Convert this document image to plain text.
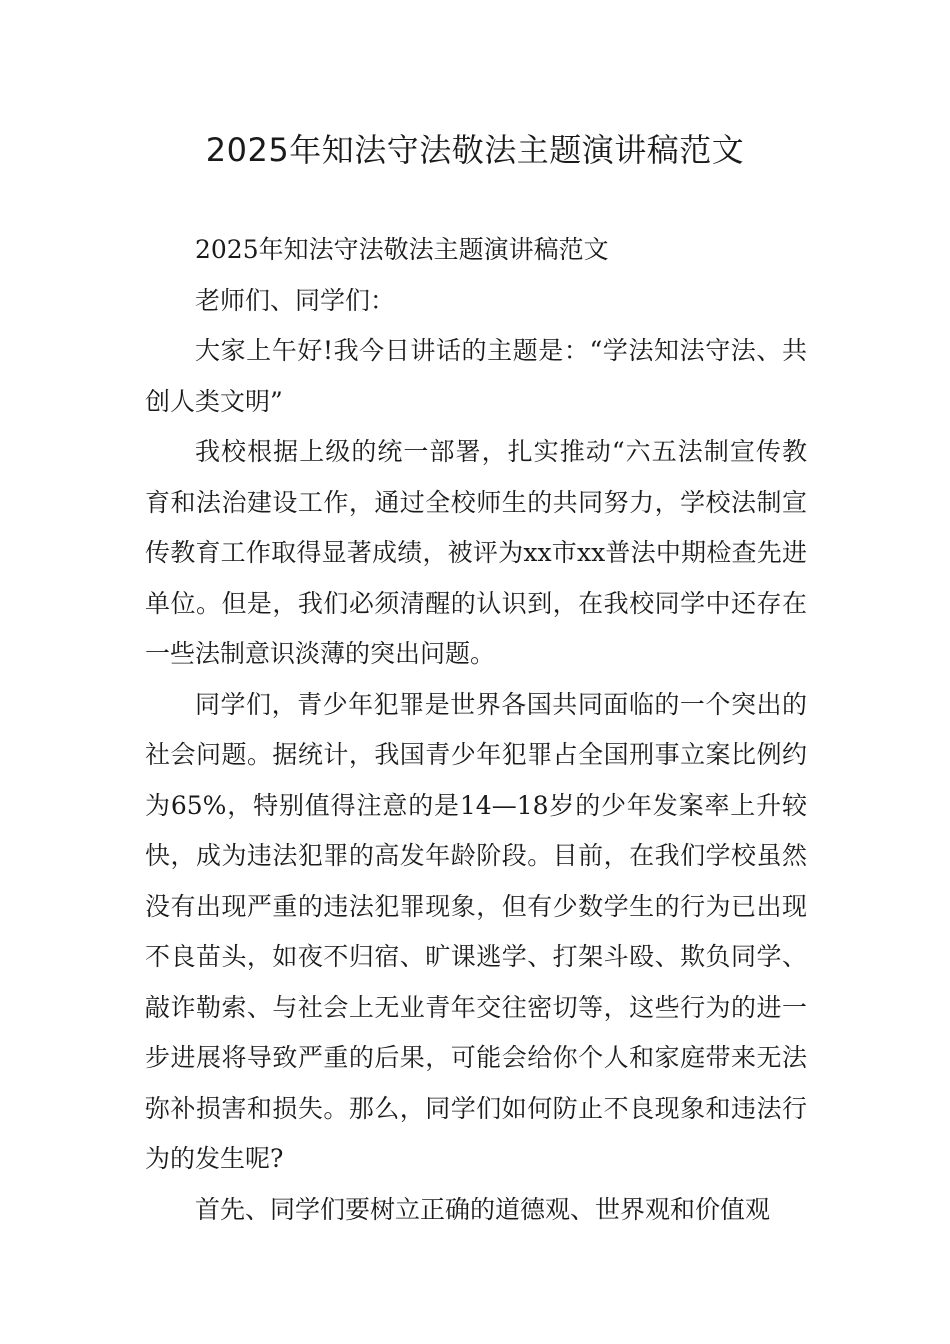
2025年知法守法敬法主题演讲稿范文

2025年知法守法敬法主题演讲稿范文

老师们、同学们：

大家上午好!我今日讲话的主题是：“学法知法守法、共创人类文明”

我校根据上级的统一部署，扎实推动“六五法制宣传教育和法治建设工作，通过全校师生的共同努力，学校法制宣传教育工作取得显著成绩，被评为xx市xx普法中期检查先进单位。但是，我们必须清醒的认识到，在我校同学中还存在一些法制意识淡薄的突出问题。

同学们，青少年犯罪是世界各国共同面临的一个突出的社会问题。据统计，我国青少年犯罪占全国刑事立案比例约为65%，特别值得注意的是14—18岁的少年发案率上升较快，成为违法犯罪的高发年龄阶段。目前，在我们学校虽然没有出现严重的违法犯罪现象，但有少数学生的行为已出现不良苗头，如夜不归宿、旷课逃学、打架斗殴、欺负同学、敲诈勒索、与社会上无业青年交往密切等，这些行为的进一步进展将导致严重的后果，可能会给你个人和家庭带来无法弥补损害和损失。那么，同学们如何防止不良现象和违法行为的发生呢?

首先、同学们要树立正确的道德观、世界观和价值观
